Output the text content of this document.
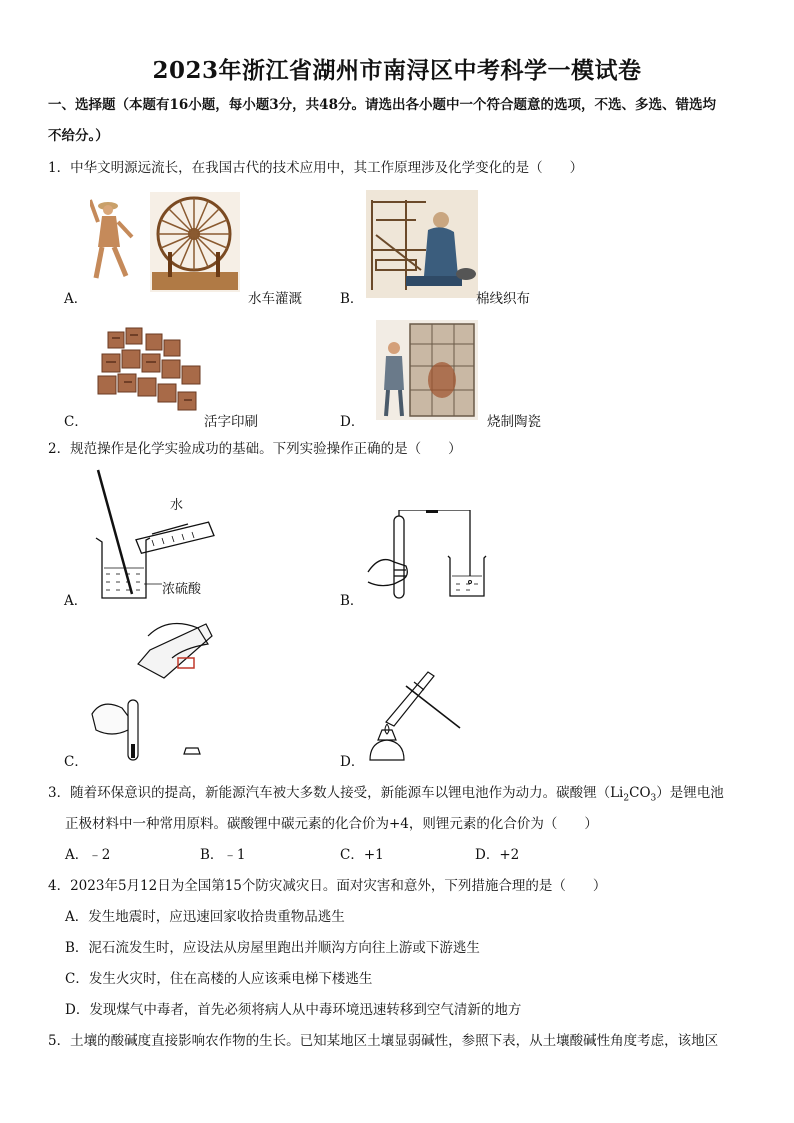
2023年浙江省湖州市南浔区中考科学一模试卷
一、选择题（本题有16小题，每小题3分，共48分。请选出各小题中一个符合题意的选项，不选、多选、错选均
不给分。）
1．中华文明源远流长，在我国古代的技术应用中，其工作原理涉及化学变化的是（　　）
A．	水车灌溉	B．	棉线织布
C．	活字印刷	D．	烧制陶瓷
2．规范操作是化学实验成功的基础。下列实验操作正确的是（　　）
水
浓硫酸
A．	B．
C．	D．
3．随着环保意识的提高，新能源汽车被大多数人接受，新能源车以锂电池作为动力。碳酸锂$(Li_2CO_3)$是锂电池
正极材料中一种常用原料。碳酸锂中碳元素的化合价为+4，则锂元素的化合价为（　　）
A．﹣2	B．﹣1	C．+1	D．+2
4．2023年5月12日为全国第15个防灾减灾日。面对灾害和意外，下列措施合理的是（　　）
A．发生地震时，应迅速回家收拾贵重物品逃生
B．泥石流发生时，应设法从房屋里跑出并顺沟方向往上游或下游逃生
C．发生火灾时，住在高楼的人应该乘电梯下楼逃生
D．发现煤气中毒者，首先必须将病人从中毒环境迅速转移到空气清新的地方
5．土壤的酸碱度直接影响农作物的生长。已知某地区土壤显弱碱性，参照下表，从土壤酸碱性角度考虑，该地区
